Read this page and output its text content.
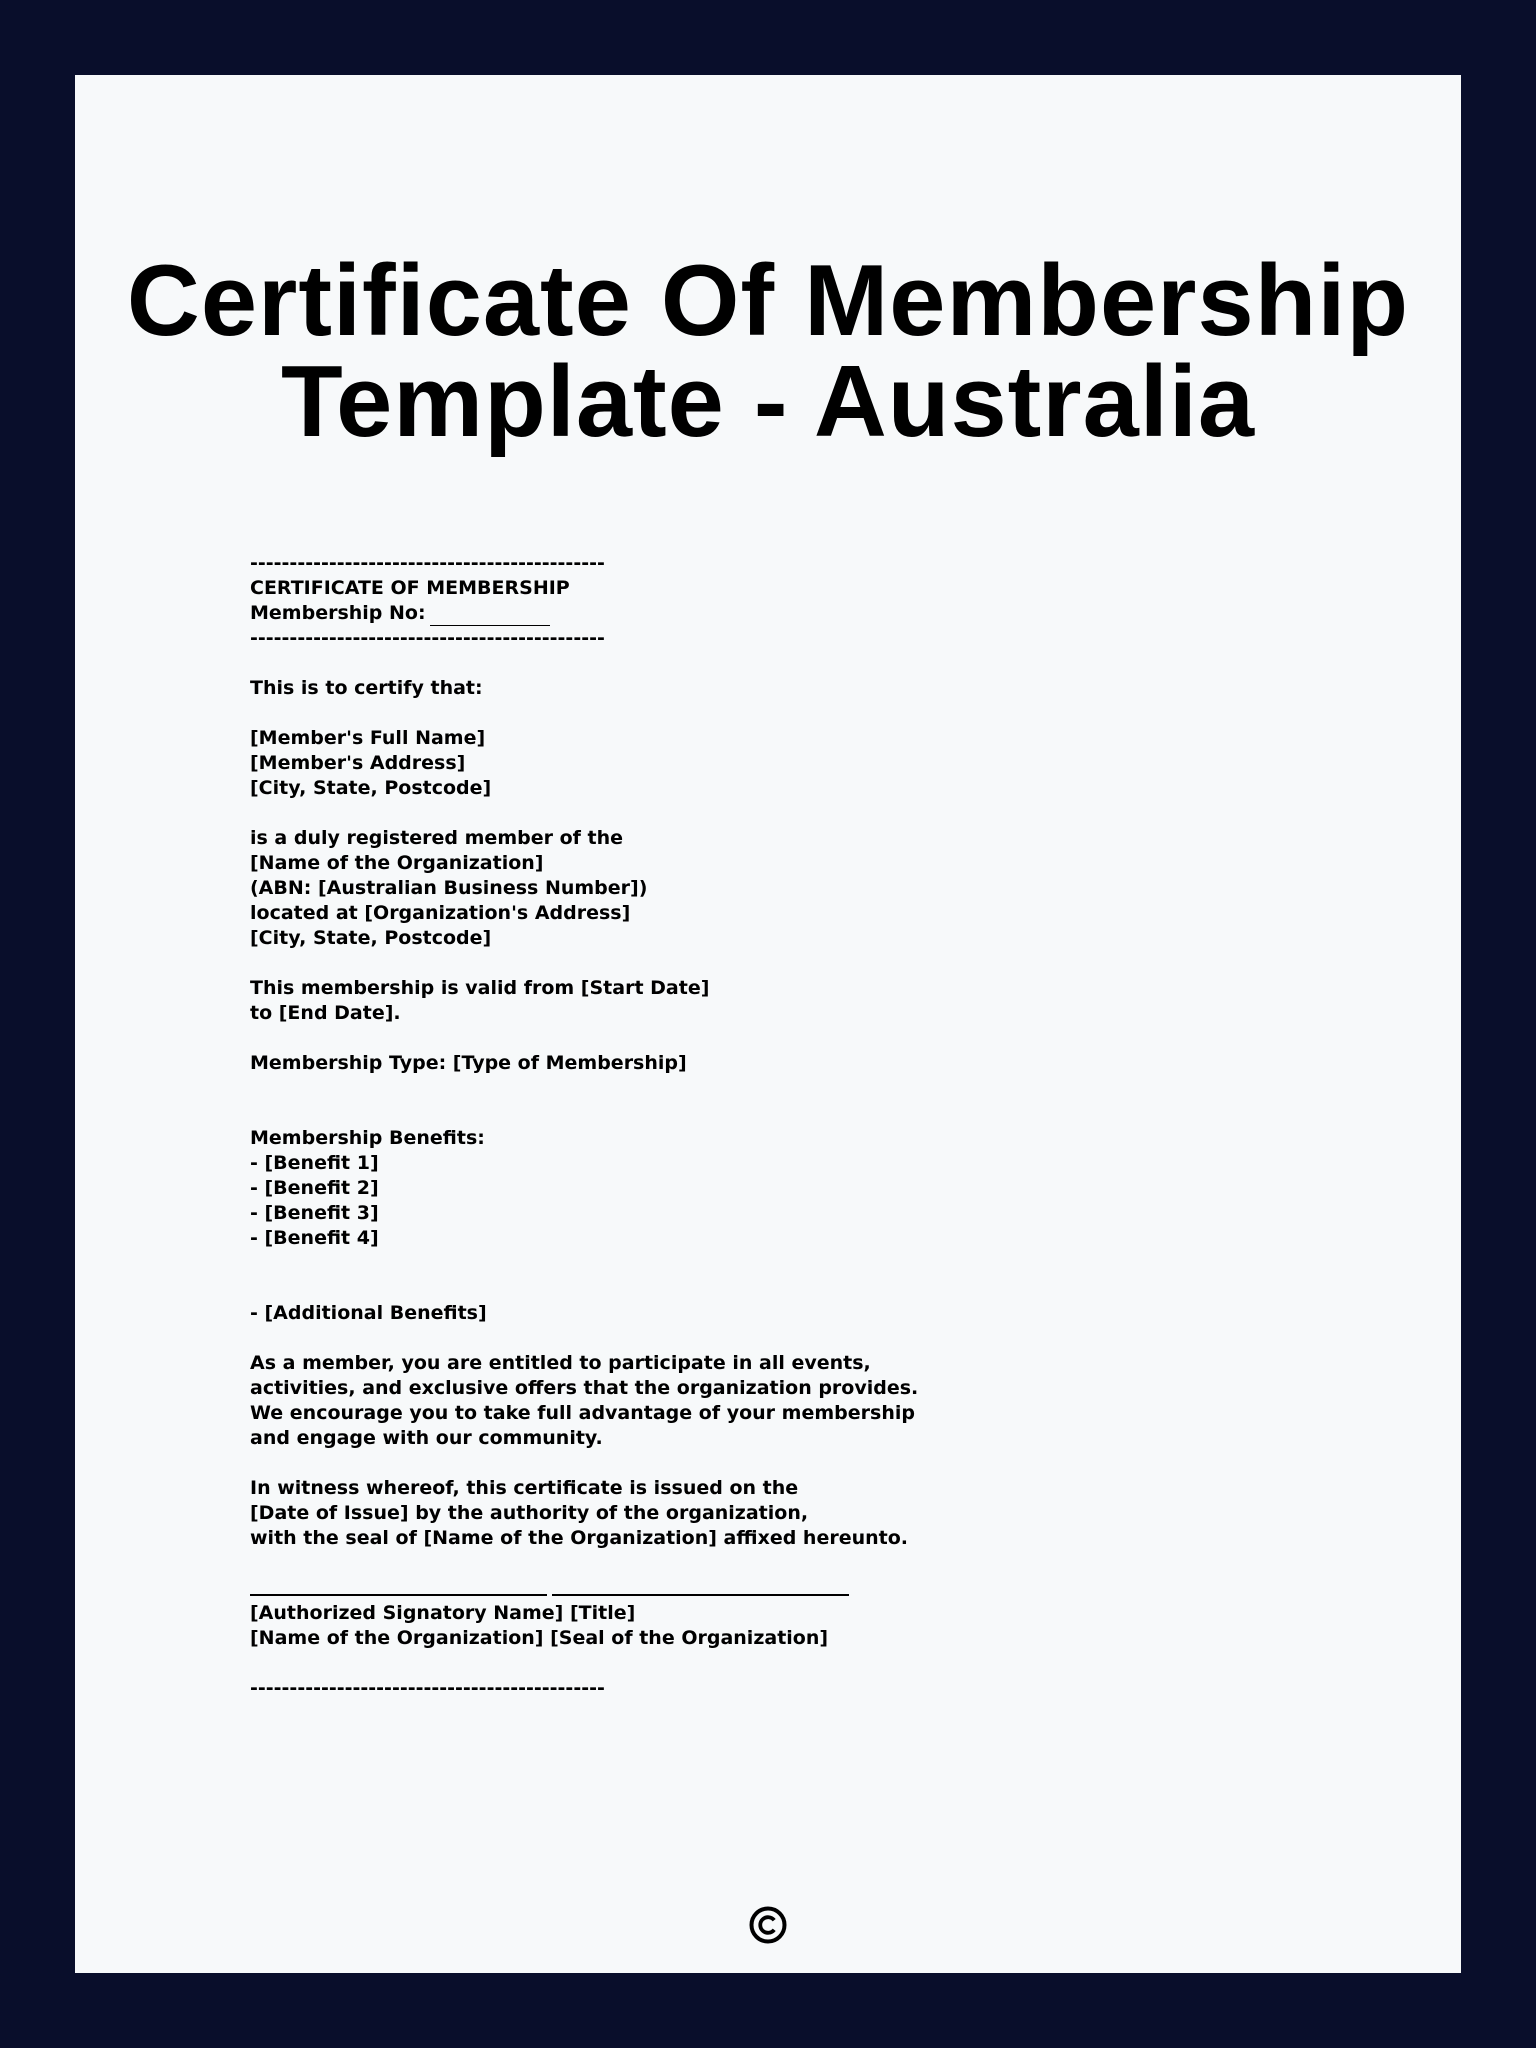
Certificate Of Membership
Template - Australia
---------------------------------------------
CERTIFICATE OF MEMBERSHIP
Membership No:
---------------------------------------------
This is to certify that:
[Member's Full Name]
[Member's Address]
[City, State, Postcode]
is a duly registered member of the
[Name of the Organization]
(ABN: [Australian Business Number])
located at [Organization's Address]
[City, State, Postcode]
This membership is valid from [Start Date]
to [End Date].
Membership Type: [Type of Membership]
Membership Benefits:
- [Benefit 1]
- [Benefit 2]
- [Benefit 3]
- [Benefit 4]
- [Additional Benefits]
As a member, you are entitled to participate in all events,
activities, and exclusive offers that the organization provides.
We encourage you to take full advantage of your membership
and engage with our community.
In witness whereof, this certificate is issued on the
[Date of Issue] by the authority of the organization,
with the seal of [Name of the Organization] affixed hereunto.
[Authorized Signatory Name] [Title]
[Name of the Organization] [Seal of the Organization]
---------------------------------------------
